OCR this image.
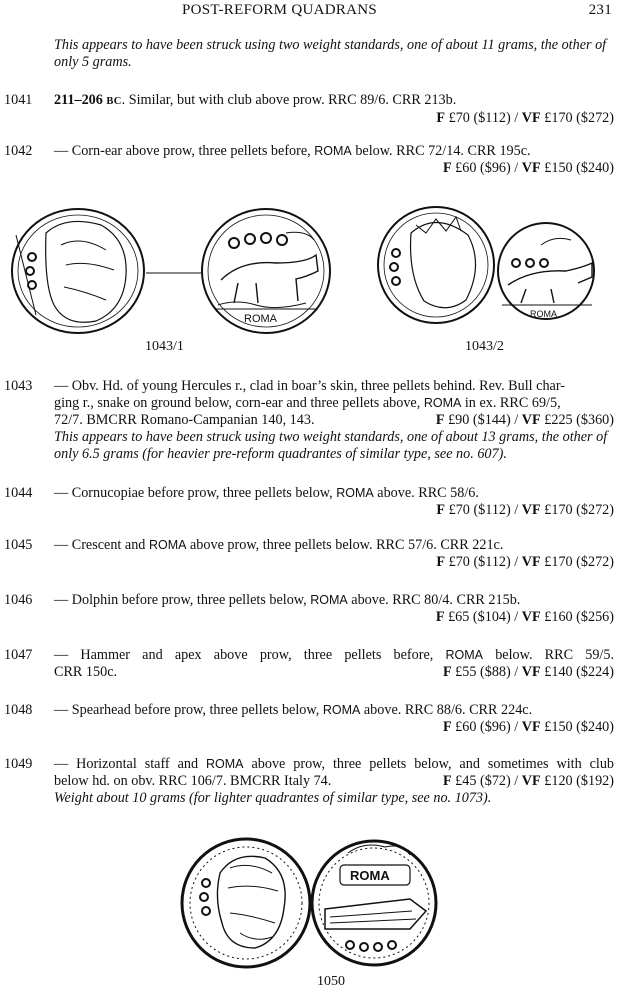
POST-REFORM QUADRANS	231
This appears to have been struck using two weight standards, one of about 11 grams, the other of only 5 grams.
1041 211–206 BC. Similar, but with club above prow. RRC 89/6. CRR 213b.
F £70 ($112) / VF £170 ($272)
1042 — Corn-ear above prow, three pellets before, ROMA below. RRC 72/14. CRR 195c.
F £60 ($96) / VF £150 ($240)
ROMA	ROMA
1043/1	1043/2
1043 — Obv. Hd. of young Hercules r., clad in boar’s skin, three pellets behind. Rev. Bull char-
ging r., snake on ground below, corn-ear and three pellets above, ROMA in ex. RRC 69/5,
72/7. BMCRR Romano-Campanian 140, 143.	F £90 ($144) / VF £225 ($360)
This appears to have been struck using two weight standards, one of about 13 grams, the other of only 6.5 grams (for heavier pre-reform quadrantes of similar type, see no. 607).
1044 — Cornucopiae before prow, three pellets below, ROMA above. RRC 58/6.
F £70 ($112) / VF £170 ($272)
1045 — Crescent and ROMA above prow, three pellets below. RRC 57/6. CRR 221c.
F £70 ($112) / VF £170 ($272)
1046 — Dolphin before prow, three pellets below, ROMA above. RRC 80/4. CRR 215b.
F £65 ($104) / VF £160 ($256)
1047 — Hammer and apex above prow, three pellets before, ROMA below. RRC 59/5.
CRR 150c.	F £55 ($88) / VF £140 ($224)
1048 — Spearhead before prow, three pellets below, ROMA above. RRC 88/6. CRR 224c.
F £60 ($96) / VF £150 ($240)
1049 — Horizontal staff and ROMA above prow, three pellets below, and sometimes with club
below hd. on obv. RRC 106/7. BMCRR Italy 74.	F £45 ($72) / VF £120 ($192)
Weight about 10 grams (for lighter quadrantes of similar type, see no. 1073).
ROMA
1050
